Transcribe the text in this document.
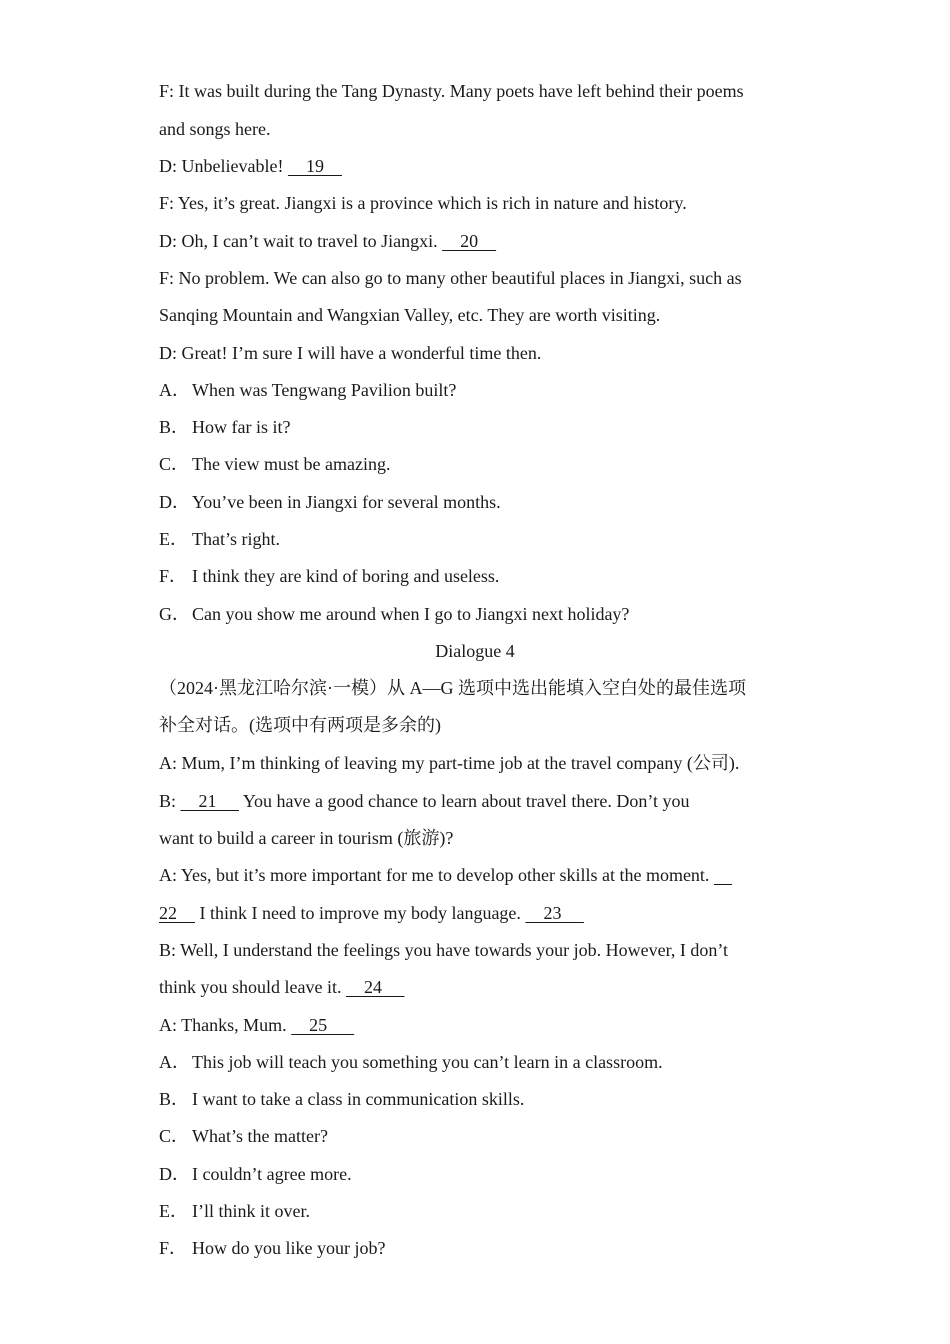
F: It was built during the Tang Dynasty. Many poets have left behind their poems
and songs here.
D: Unbelievable!     19
F: Yes, it’s great. Jiangxi is a province which is rich in nature and history.
D: Oh, I can’t wait to travel to Jiangxi.     20
F: No problem. We can also go to many other beautiful places in Jiangxi, such as
Sanqing Mountain and Wangxian Valley, etc. They are worth visiting.
D: Great! I’m sure I will have a wonderful time then.
A． When was Tengwang Pavilion built?
B． How far is it?
C． The view must be amazing.
D． You’ve been in Jiangxi for several months.
E． That’s right.
F． I think they are kind of boring and useless.
G． Can you show me around when I go to Jiangxi next holiday?
Dialogue 4
（2024·黑龙江哈尔滨·一模）从 A—G 选项中选出能填入空白处的最佳选项
补全对话。(选项中有两项是多余的)
A: Mum, I’m thinking of leaving my part-time job at the travel company (公司).
B:     21      You have a good chance to learn about travel there. Don’t you
want to build a career in tourism (旅游)?
A: Yes, but it’s more important for me to develop other skills at the moment.
22     I think I need to improve my body language.     23
B: Well, I understand the feelings you have towards your job. However, I don’t
think you should leave it.     24
A: Thanks, Mum.     25
A． This job will teach you something you can’t learn in a classroom.
B． I want to take a class in communication skills.
C． What’s the matter?
D． I couldn’t agree more.
E． I’ll think it over.
F． How do you like your job?
